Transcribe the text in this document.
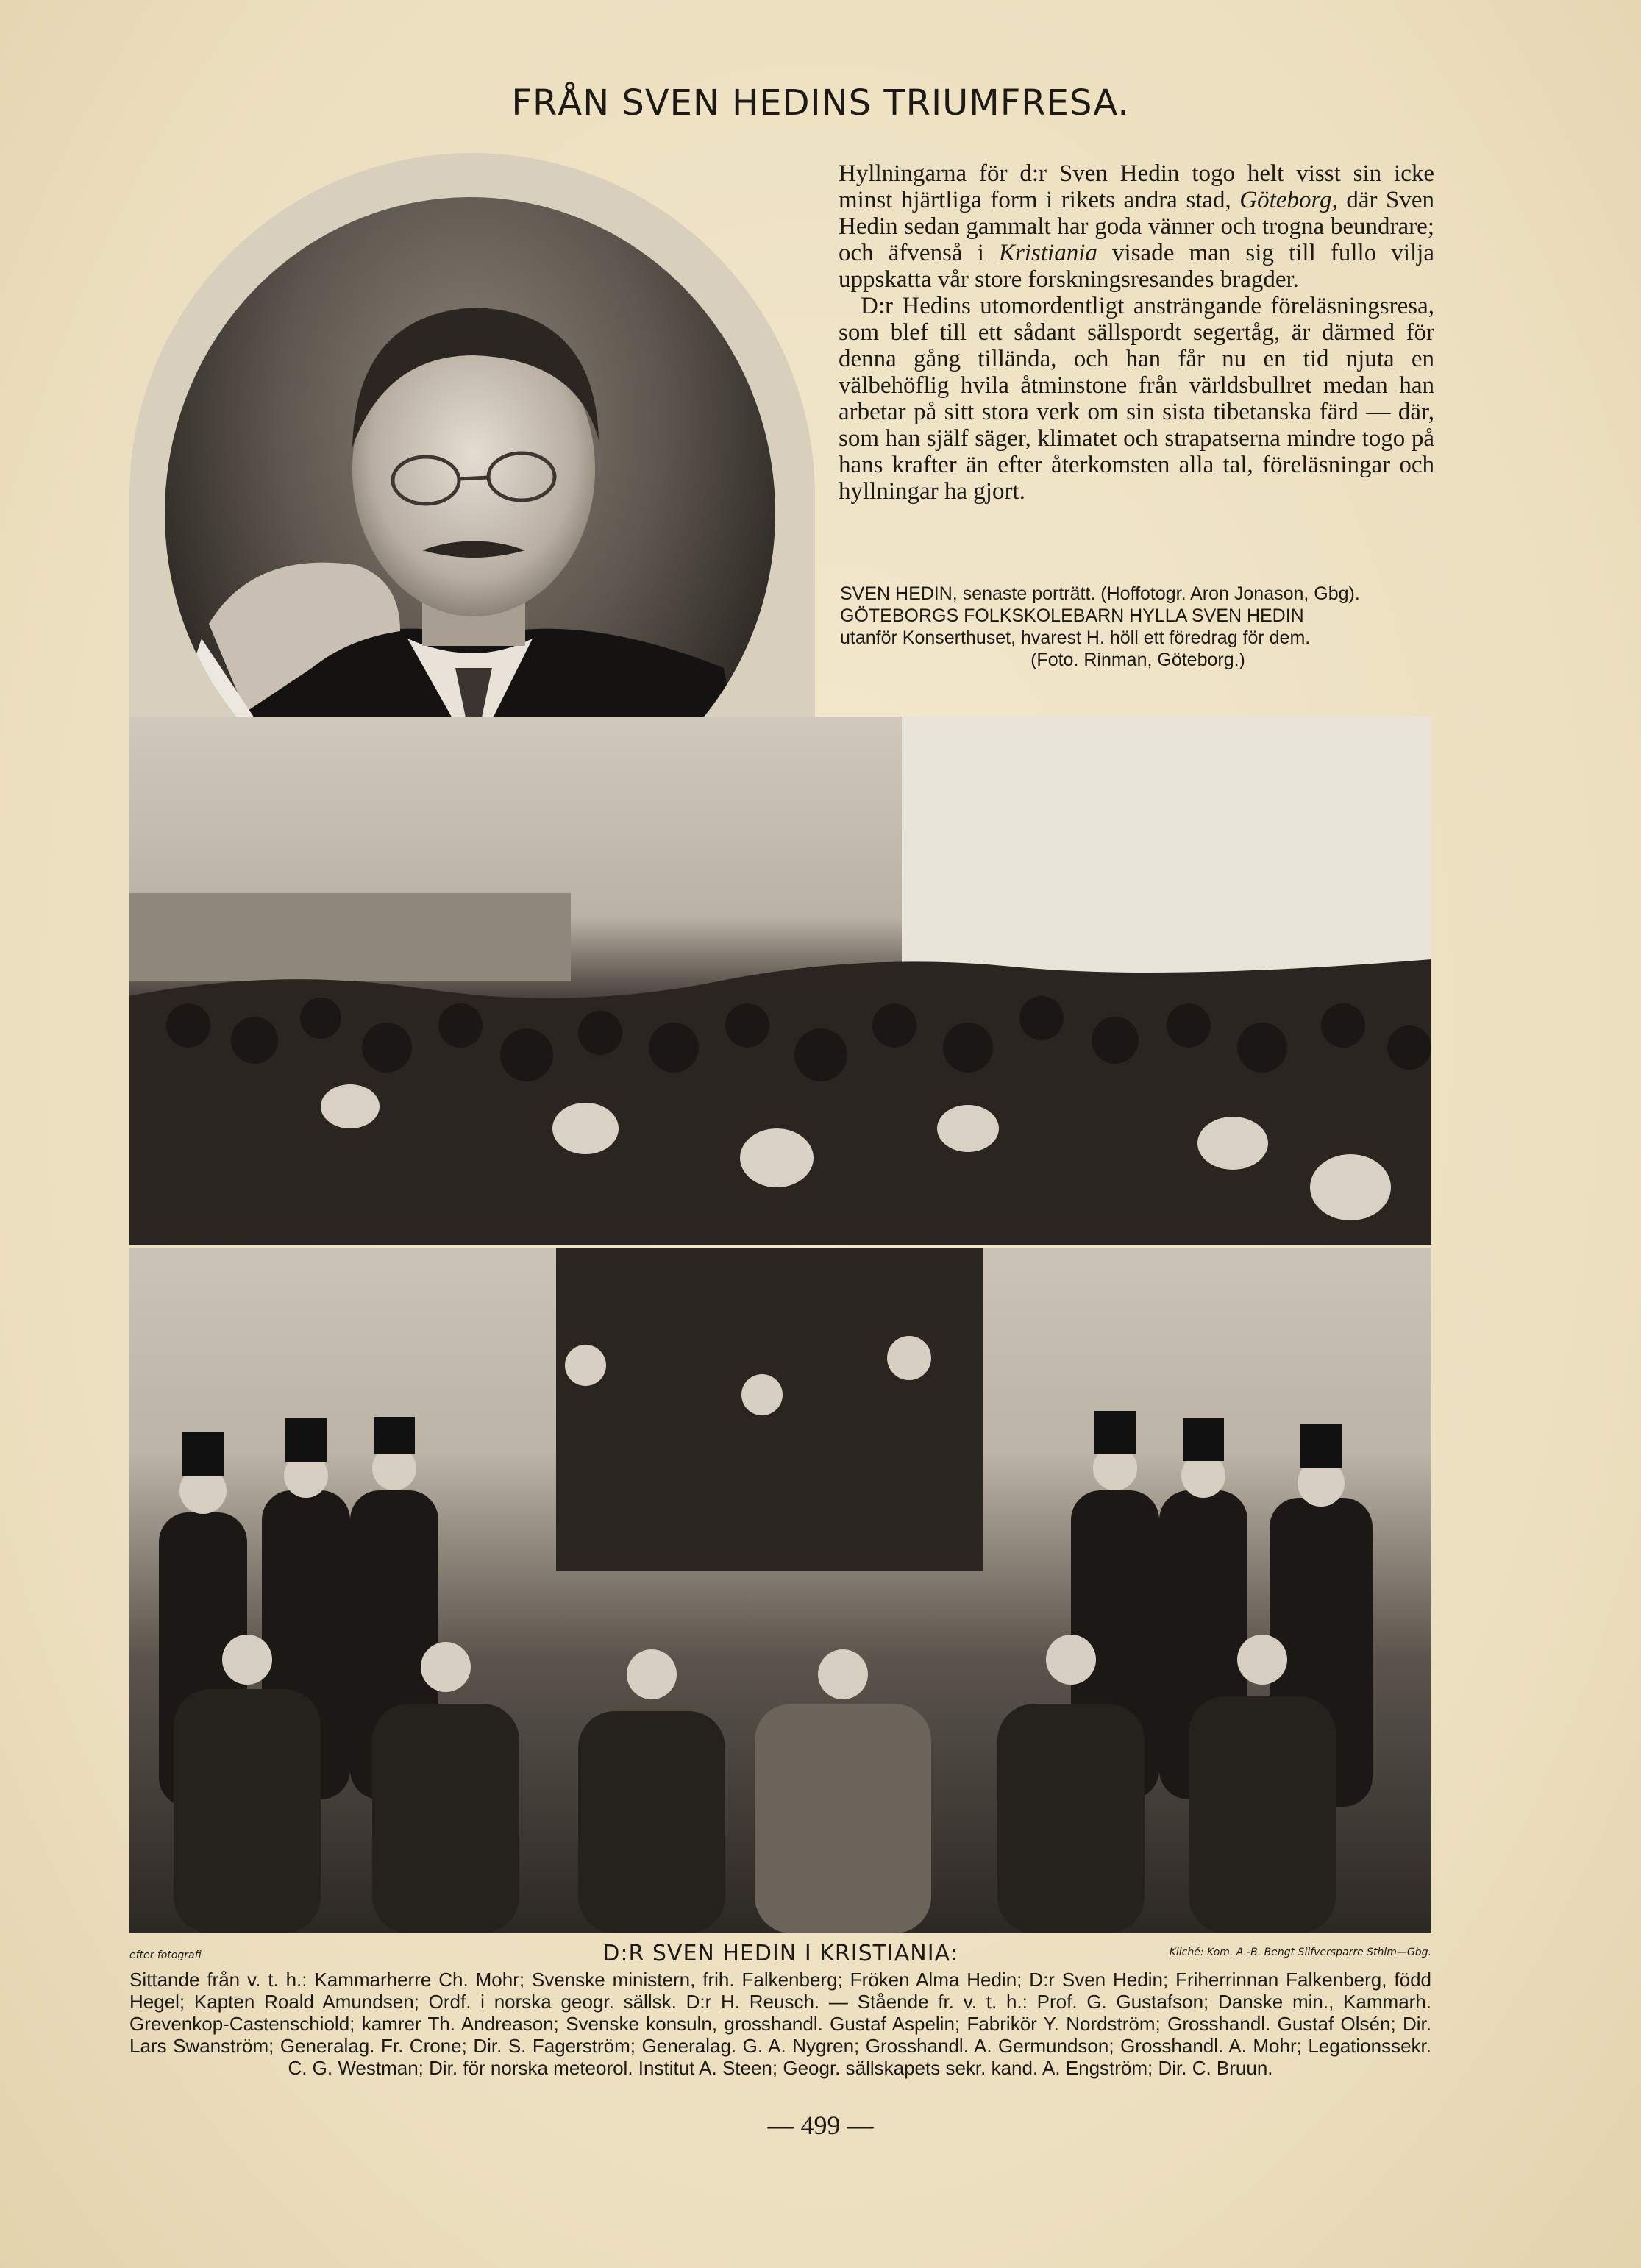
FRÅN SVEN HEDINS TRIUMFRESA.

Hyllningarna för d:r Sven Hedin togo helt visst sin icke minst hjärtliga form i rikets andra stad, Göteborg, där Sven Hedin sedan gammalt har goda vänner och trogna beundrare; och äfvenså i Kristiania visade man sig till fullo vilja uppskatta vår store forskningsresandes bragder.

D:r Hedins utomordentligt ansträngande föreläsningsresa, som blef till ett sådant sällspordt segertåg, är därmed för denna gång tillända, och han får nu en tid njuta en välbehöflig hvila åtminstone från världsbullret medan han arbetar på sitt stora verk om sin sista tibetanska färd — där, som han själf säger, klimatet och strapatserna mindre togo på hans krafter än efter återkomsten alla tal, föreläsningar och hyllningar ha gjort.

SVEN HEDIN, senaste porträtt. (Hoffotogr. Aron Jonason, Gbg).
GÖTEBORGS FOLKSKOLEBARN HYLLA SVEN HEDIN
utanför Konserthuset, hvarest H. höll ett föredrag för dem.
(Foto. Rinman, Göteborg.)
efter fotografi	D:R SVEN HEDIN I KRISTIANIA:	Kliché: Kom. A.-B. Bengt Silfversparre Sthlm—Gbg.
Sittande från v. t. h.: Kammarherre Ch. Mohr; Svenske ministern, frih. Falkenberg; Fröken Alma Hedin; D:r Sven Hedin; Friherrinnan Falkenberg, född Hegel; Kapten Roald Amundsen; Ordf. i norska geogr. sällsk. D:r H. Reusch. — Stående fr. v. t. h.: Prof. G. Gustafson; Danske min., Kammarh. Grevenkop-Castenschiold; kamrer Th. Andreason; Svenske konsuln, grosshandl. Gustaf Aspelin; Fabrikör Y. Nordström; Grosshandl. Gustaf Olsén; Dir. Lars Swanström; Generalag. Fr. Crone; Dir. S. Fagerström; Generalag. G. A. Nygren; Grosshandl. A. Germundson; Grosshandl. A. Mohr; Legationssekr. C. G. Westman; Dir. för norska meteorol. Institut A. Steen; Geogr. sällskapets sekr. kand. A. Engström; Dir. C. Bruun.
— 499 —
